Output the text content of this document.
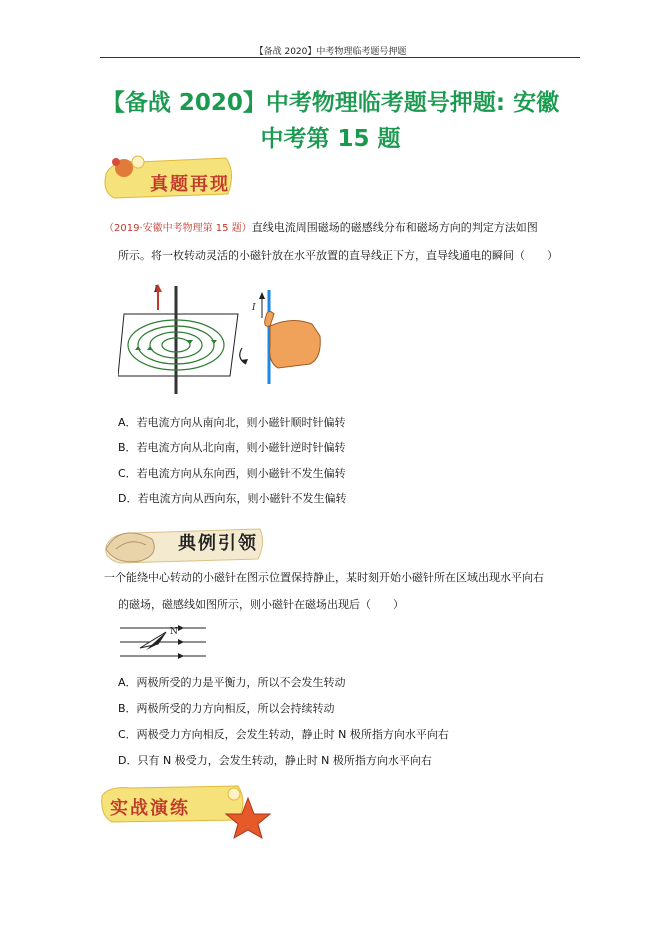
【备战 2020】中考物理临考题号押题
【备战 2020】中考物理临考题号押题: 安徽
中考第 15 题
真题再现
（2019·安徽中考物理第 15 题）直线电流周围磁场的磁感线分布和磁场方向的判定方法如图
所示。将一枚转动灵活的小磁针放在水平放置的直导线正下方，直导线通电的瞬间（　　）
I
I
A．若电流方向从南向北，则小磁针顺时针偏转
B．若电流方向从北向南，则小磁针逆时针偏转
C．若电流方向从东向西，则小磁针不发生偏转
D．若电流方向从西向东，则小磁针不发生偏转
典例引领
一个能绕中心转动的小磁针在图示位置保持静止，某时刻开始小磁针所在区域出现水平向右
的磁场，磁感线如图所示，则小磁针在磁场出现后（　　）
N
A．两极所受的力是平衡力，所以不会发生转动
B．两极所受的力方向相反，所以会持续转动
C．两极受力方向相反，会发生转动，静止时 N 极所指方向水平向右
D．只有 N 极受力，会发生转动，静止时 N 极所指方向水平向右
实战演练
